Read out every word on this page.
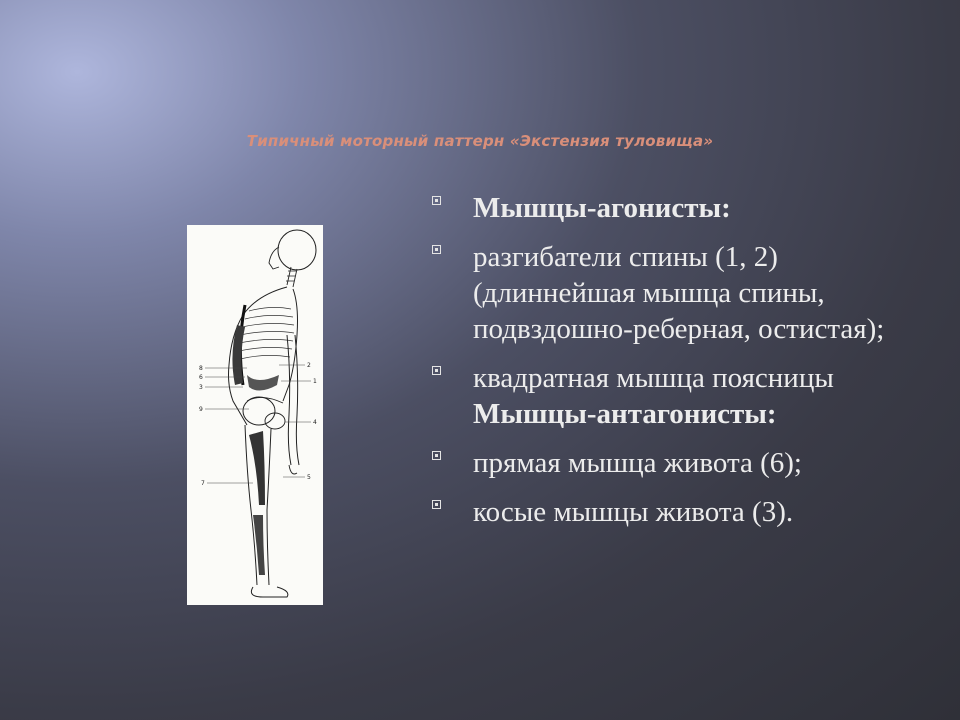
Типичный моторный паттерн «Экстензия туловища»
8
6
3
9
7
2
1
4
5
Мышцы-агонисты:
разгибатели спины (1, 2) (длиннейшая мышца спины, подвздошно-реберная, остистая);
квадратная мышца поясницы
Мышцы-антагонисты:
прямая мышца живота (6);
косые мышцы живота (3).
